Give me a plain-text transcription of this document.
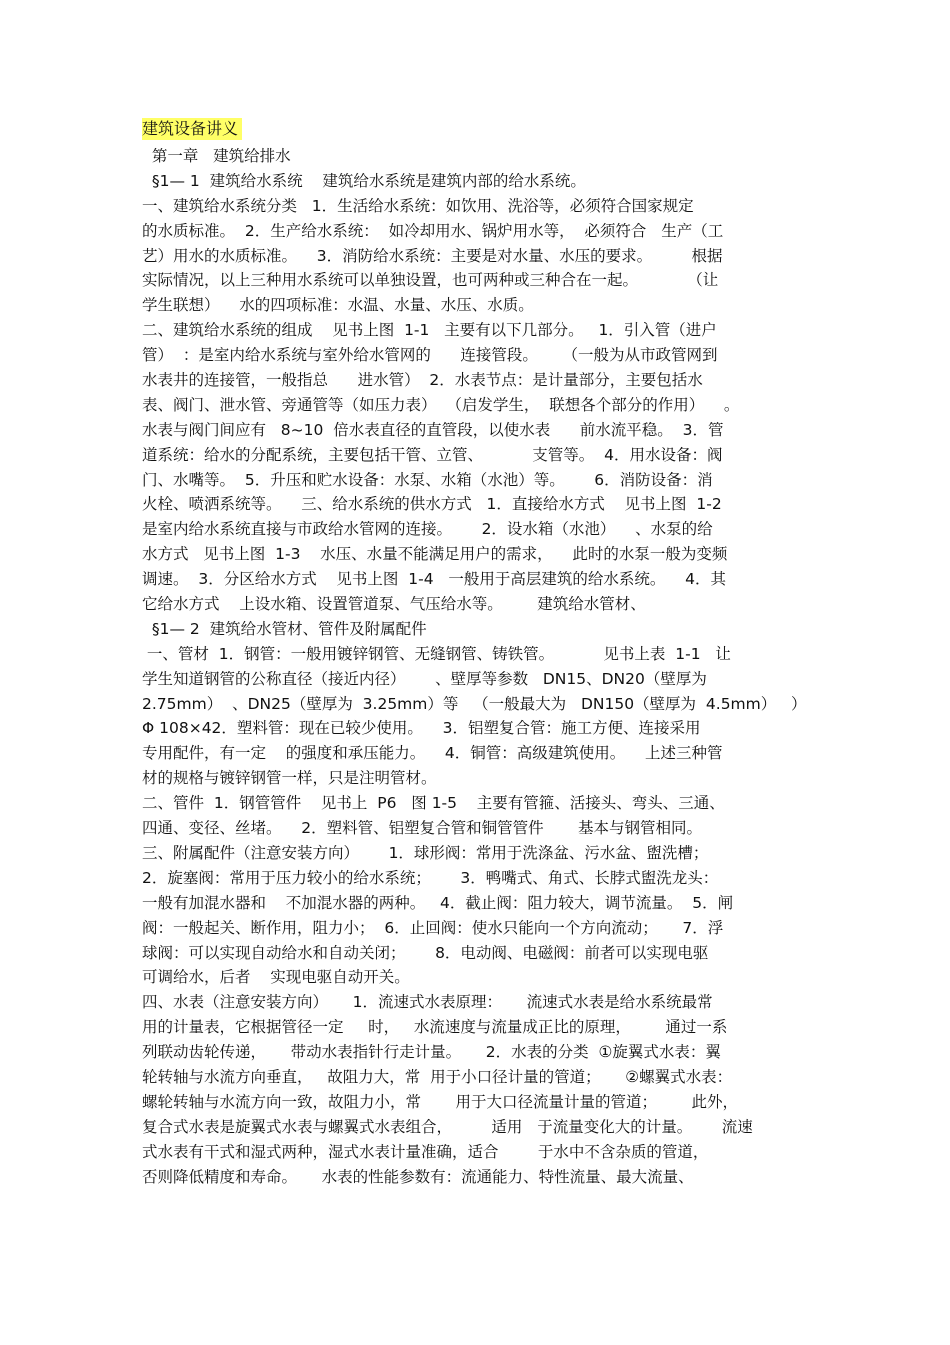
建筑设备讲义
第一章   建筑给排水
§1— 1  建筑给水系统    建筑给水系统是建筑内部的给水系统。
一、建筑给水系统分类   1．生活给水系统：如饮用、洗浴等，必须符合国家规定
的水质标准。  2．生产给水系统：  如冷却用水、锅炉用水等，  必须符合   生产（工
艺）用水的水质标准。    3．消防给水系统：主要是对水量、水压的要求。        根据
实际情况，以上三种用水系统可以单独设置，也可两种或三种合在一起。          （让
学生联想）    水的四项标准：水温、水量、水压、水质。
二、建筑给水系统的组成    见书上图  1-1   主要有以下几部分。   1．引入管（进户
管）  ：是室内给水系统与室外给水管网的      连接管段。     （一般为从市政管网到
水表井的连接管，一般指总      进水管）  2．水表节点：是计量部分，主要包括水
表、阀门、泄水管、旁通管等（如压力表）  （启发学生，  联想各个部分的作用）    。
水表与阀门间应有   8~10  倍水表直径的直管段，以使水表      前水流平稳。  3．管
道系统：给水的分配系统，主要包括干管、立管、          支管等。  4．用水设备：阀
门、水嘴等。  5．升压和贮水设备：水泵、水箱（水池）等。      6．消防设备：消
火栓、喷洒系统等。    三、给水系统的供水方式   1．直接给水方式    见书上图  1-2
是室内给水系统直接与市政给水管网的连接。      2．设水箱（水池）    、水泵的给
水方式   见书上图  1-3    水压、水量不能满足用户的需求，    此时的水泵一般为变频
调速。  3．分区给水方式    见书上图  1-4   一般用于高层建筑的给水系统。    4．其
它给水方式    上设水箱、设置管道泵、气压给水等。       建筑给水管材、
§1— 2  建筑给水管材、管件及附属配件
一、管材  1．钢管：一般用镀锌钢管、无缝钢管、铸铁管。          见书上表  1-1   让
学生知道钢管的公称直径（接近内径）      、壁厚等参数   DN15、DN20（壁厚为
2.75mm）  、DN25（壁厚为  3.25mm）等   （一般最大为   DN150（壁厚为  4.5mm）   ）
Φ 108×42．塑料管：现在已较少使用。    3．铝塑复合管：施工方便、连接采用
专用配件，有一定    的强度和承压能力。    4．铜管：高级建筑使用。    上述三种管
材的规格与镀锌钢管一样，只是注明管材。
二、管件  1．钢管管件    见书上  P6   图 1-5    主要有管箍、活接头、弯头、三通、
四通、变径、丝堵。    2．塑料管、铝塑复合管和铜管管件       基本与钢管相同。
三、附属配件（注意安装方向）      1．球形阀：常用于洗涤盆、污水盆、盥洗槽；
2．旋塞阀：常用于压力较小的给水系统；      3．鸭嘴式、角式、长脖式盥洗龙头：
一般有加混水器和    不加混水器的两种。   4．截止阀：阻力较大，调节流量。  5．闸
阀：一般起关、断作用，阻力小；  6．止回阀：使水只能向一个方向流动；     7．浮
球阀：可以实现自动给水和自动关闭；      8．电动阀、电磁阀：前者可以实现电驱
可调给水，后者    实现电驱自动开关。
四、水表（注意安装方向）     1．流速式水表原理：     流速式水表是给水系统最常
用的计量表，它根据管径一定     时，   水流速度与流量成正比的原理，       通过一系
列联动齿轮传递，     带动水表指针行走计量。     2．水表的分类  ①旋翼式水表：翼
轮转轴与水流方向垂直，   故阻力大，常  用于小口径计量的管道；     ②螺翼式水表：
螺轮转轴与水流方向一致，故阻力小，常       用于大口径流量计量的管道；       此外，
复合式水表是旋翼式水表与螺翼式水表组合，        适用   于流量变化大的计量。      流速
式水表有干式和湿式两种，湿式水表计量准确，适合        于水中不含杂质的管道，
否则降低精度和寿命。     水表的性能参数有：流通能力、特性流量、最大流量、
